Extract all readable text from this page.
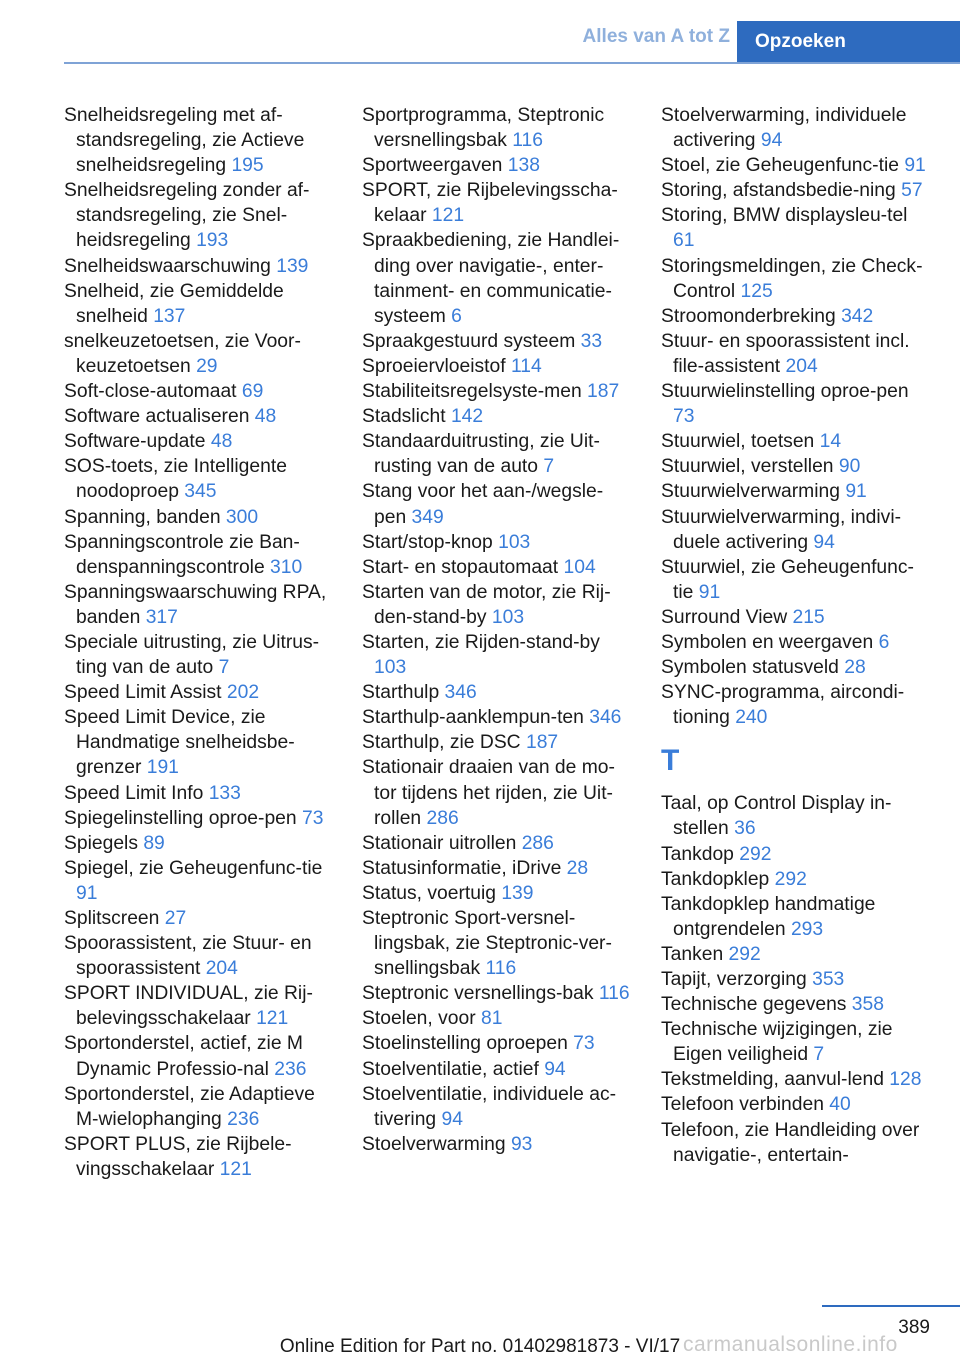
Alles van A tot Z Opzoeken
Snelheidsregeling met af-standsregeling, zie Actieve snelheidsregeling 195
Snelheidsregeling zonder af-standsregeling, zie Snel-heidsregeling 193
Snelheidswaarschuwing 139
Snelheid, zie Gemiddelde snelheid 137
snelkeuzetoetsen, zie Voor-keuzetoetsen 29
Soft-close-automaat 69
Software actualiseren 48
Software-update 48
SOS-toets, zie Intelligente noodoproep 345
Spanning, banden 300
Spanningscontrole zie Ban-denspanningscontrole 310
Spanningswaarschuwing RPA, banden 317
Speciale uitrusting, zie Uitrus-ting van de auto 7
Speed Limit Assist 202
Speed Limit Device, zie Handmatige snelheidsbe-grenzer 191
Speed Limit Info 133
Spiegelinstelling oproe-pen 73
Spiegels 89
Spiegel, zie Geheugenfunc-tie 91
Splitscreen 27
Spoorassistent, zie Stuur- en spoorassistent 204
SPORT INDIVIDUAL, zie Rij-belevingsschakelaar 121
Sportonderstel, actief, zie M Dynamic Professio-nal 236
Sportonderstel, zie Adaptieve M-wielophanging 236
SPORT PLUS, zie Rijbele-vingsschakelaar 121
Sportprogramma, Steptronic versnellingsbak 116
Sportweergaven 138
SPORT, zie Rijbelevingsscha-kelaar 121
Spraakbediening, zie Handlei-ding over navigatie-, enter-tainment- en communicatie-systeem 6
Spraakgestuurd systeem 33
Sproeiervloeistof 114
Stabiliteitsregelsyste-men 187
Stadslicht 142
Standaarduitrusting, zie Uit-rusting van de auto 7
Stang voor het aan-/wegsle-pen 349
Start/stop-knop 103
Start- en stopautomaat 104
Starten van de motor, zie Rij-den-stand-by 103
Starten, zie Rijden-stand-by 103
Starthulp 346
Starthulp-aanklempun-ten 346
Starthulp, zie DSC 187
Stationair draaien van de mo-tor tijdens het rijden, zie Uit-rollen 286
Stationair uitrollen 286
Statusinformatie, iDrive 28
Status, voertuig 139
Steptronic Sport-versnel-lingsbak, zie Steptronic-ver-snellingsbak 116
Steptronic versnellings-bak 116
Stoelen, voor 81
Stoelinstelling oproepen 73
Stoelventilatie, actief 94
Stoelventilatie, individuele ac-tivering 94
Stoelverwarming 93
Stoelverwarming, individuele activering 94
Stoel, zie Geheugenfunc-tie 91
Storing, afstandsbedie-ning 57
Storing, BMW displaysleu-tel 61
Storingsmeldingen, zie Check-Control 125
Stroomonderbreking 342
Stuur- en spoorassistent incl. file-assistent 204
Stuurwielinstelling oproe-pen 73
Stuurwiel, toetsen 14
Stuurwiel, verstellen 90
Stuurwielverwarming 91
Stuurwielverwarming, indivi-duele activering 94
Stuurwiel, zie Geheugenfunc-tie 91
Surround View 215
Symbolen en weergaven 6
Symbolen statusveld 28
SYNC-programma, aircondi-tioning 240
T
Taal, op Control Display in-stellen 36
Tankdop 292
Tankdopklep 292
Tankdopklep handmatige ontgrendelen 293
Tanken 292
Tapijt, verzorging 353
Technische gegevens 358
Technische wijzigingen, zie Eigen veiligheid 7
Tekstmelding, aanvul-lend 128
Telefoon verbinden 40
Telefoon, zie Handleiding over navigatie-, entertain-
389
carmanualsonline.info
Online Edition for Part no. 01402981873 - VI/17
